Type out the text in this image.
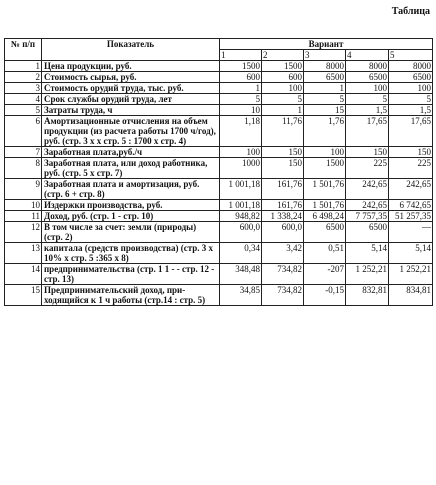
Таблица
№ п/п	Показатель	Вариант				
		1	2	3	4	5
1	Цена продукции, руб.	1500	1500	8000	8000	8000
2	Стоимость сырья, руб.	600	600	6500	6500	6500
3	Стоимость орудий труда, тыс. руб.	1	100	1	100	100
4	Срок службы орудий труда, лет	5	5	5	5	5
5	Затраты труда, ч	10	1	15	1,5	1,5
6	Амортизационные отчисления на объем продукции (из расчета работы 1700 ч/год), руб. (стр. 3 x x стр. 5 : 1700 x стр. 4)	1,18	11,76	1,76	17,65	17,65
7	Заработная плата,руб./ч	100	150	100	150	150
8	Заработная плата, или доход работника, руб. (стр. 5 x стр. 7)	1000	150	1500	225	225
9	Заработная плата и амортизация, руб. (стр. 6 + стр. 8)	1 001,18	161,76	1 501,76	242,65	242,65
10	Издержки производства, руб.	1 001,18	161,76	1 501,76	242,65	6 742,65
11	Доход, руб. (стр. 1 - стр. 10)	948,82	1 338,24	6 498,24	7 757,35	51 257,35
12	В том числе за счет: земли (природы) (стр. 2)	600,0	600,0	6500	6500	—
13	капитала (средств производства) (стр. 3 x 10% x стр. 5 :365 x 8)	0,34	3,42	0,51	5,14	5,14
14	предпринимательства (стр. 1 1 - - стр. 12 - стр. 13)	348,48	734,82	-207	1 252,21	1 252,21
15	Предпринимательский доход, при-ходящийся к 1 ч работы (стр.14 : стр. 5)	34,85	734,82	-0,15	832,81	834,81
